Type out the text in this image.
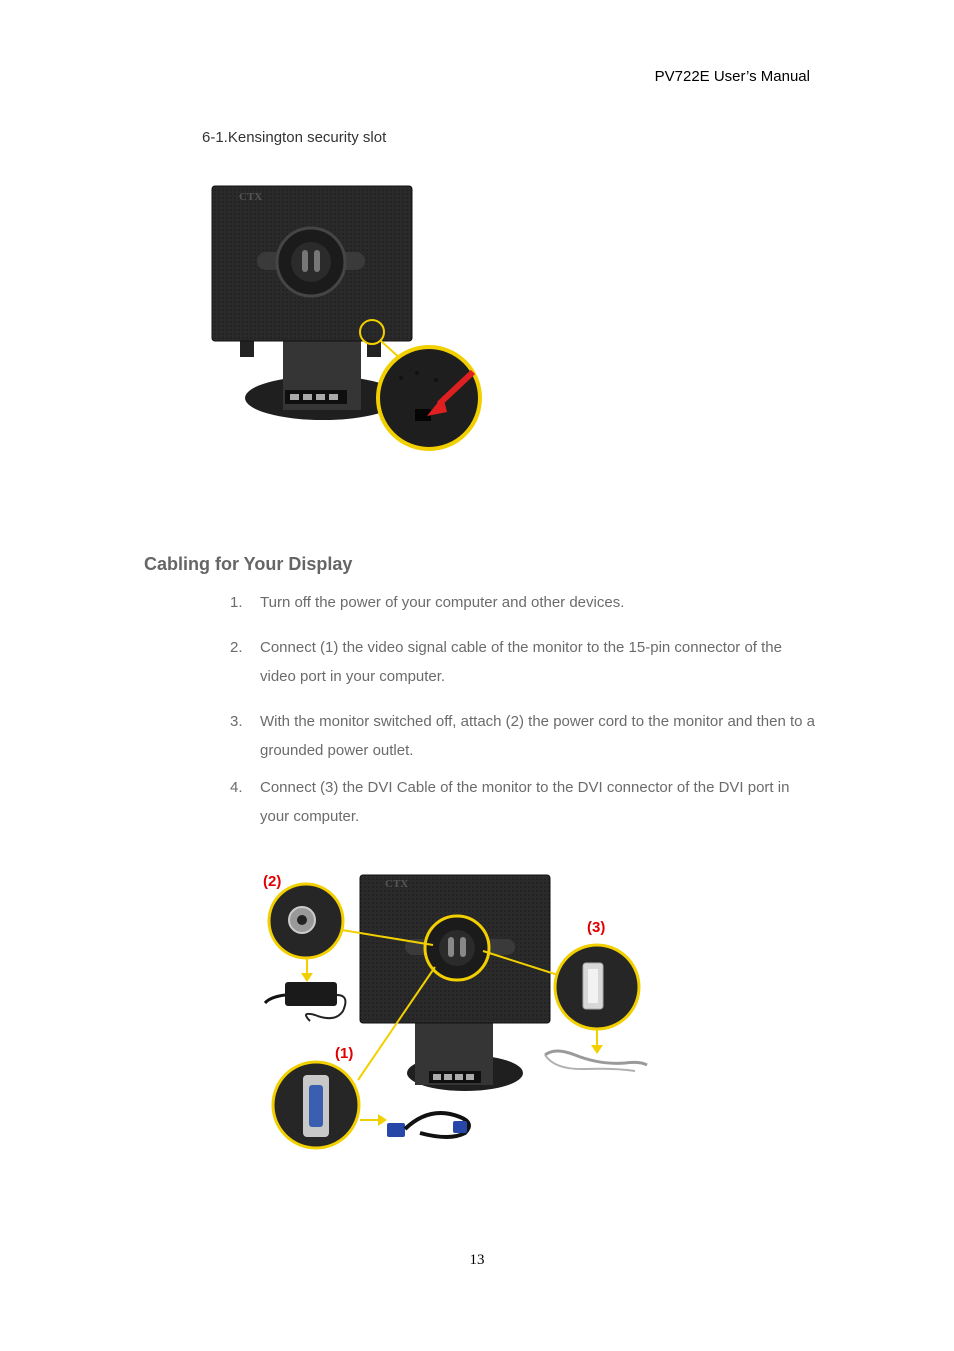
PV722E User’s Manual
6-1.Kensington security slot
CTX
Cabling for Your Display
1. Turn off the power of your computer and other devices.
2. Connect (1) the video signal cable of the monitor to the 15-pin connector of the video port in your computer.
3. With the monitor switched off, attach (2) the power cord to the monitor and then to a grounded power outlet.
4. Connect (3) the DVI Cable of the monitor to the DVI connector of the DVI port in your computer.
CTX
(2)
(3)
(1)
13
